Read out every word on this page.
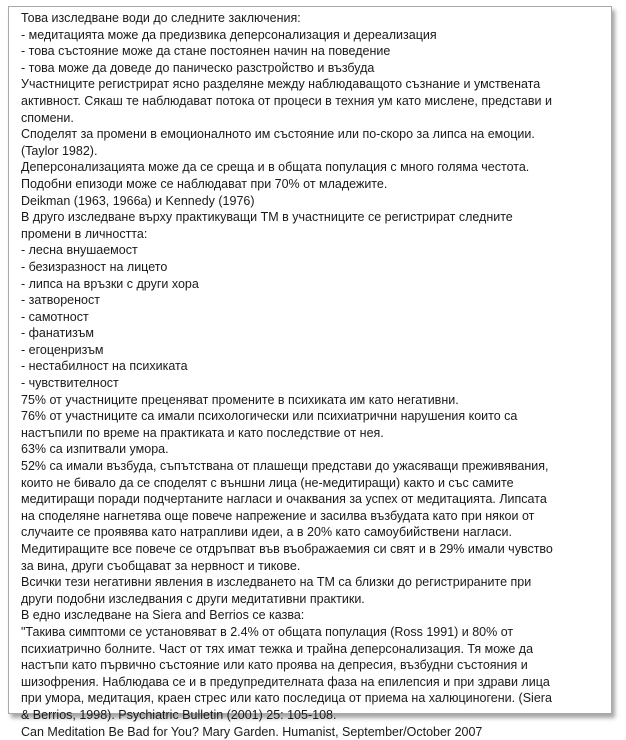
Това изследване води до следните заключения:
- медитацията може да предизвика деперсонализация и дереализация
- това състояние може да стане постоянен начин на поведение
- това може да доведе до паническо разстройство и възбуда
Участниците регистрират ясно разделяне между наблюдаващото съзнание и умствената
активност. Сякаш те наблюдават потока от процеси в техния ум като мислене, представи и
спомени.
Споделят за промени в емоционалното им състояние или по-скоро за липса на емоции.
(Taylor 1982).
Деперсонализацията може да се среща и в общата популация с много голяма честота.
Подобни епизоди може се наблюдават при 70% от младежите.
Deikman (1963, 1966a) и Kennedy (1976)
В друго изследване върху практикуващи ТМ в участниците се регистрират следните
промени в личността:
- лесна внушаемост
- безизразност на лицето
- липса на връзки с други хора
- затвореност
- самотност
- фанатизъм
- егоценризъм
- нестабилност на психиката
- чувствителност
75% от участниците преценяват промените в психиката им като негативни.
76% от участниците са имали психологически или психиатрични нарушения които са
настъпили по време на практиката и като последствие от нея.
63% са изпитвали умора.
52% са имали възбуда, съпътствана от плашещи представи до ужасяващи преживявания,
които не бивало да се споделят с външни лица (не-медитиращи) както и със самите
медитиращи поради подчертаните нагласи и очаквания за успех от медитацията. Липсата
на споделяне нагнетява още повече напрежение и засилва възбудата като при някои от
случаите се проявява като натрапливи идеи, а в 20% като самоубийствени нагласи.
Медитиращите все повече се отдръпват във въображаемия си свят и в 29% имали чувство
за вина, други съобщават за нервност и тикове.
Всички тези негативни явления в изследването на ТМ са близки до регистрираните при
други подобни изследвания с други медитативни практики.
В едно изследване на Siera and Berrios се казва:
"Такива симптоми се установяват в 2.4% от общата популация (Ross 1991) и 80% от
психиатрично болните. Част от тях имат тежка и трайна деперсонализация. Тя може да
настъпи като първично състояние или като проява на депресия, възбудни състояния и
шизофрения. Наблюдава се и в предупредителната фаза на епилепсия и при здрави лица
при умора, медитация, краен стрес или като последица от приема на халюциногени. (Siera
& Berrios, 1998). Psychiatric Bulletin (2001) 25: 105-108.
Can Meditation Be Bad for You? Mary Garden. Humanist, September/October 2007
